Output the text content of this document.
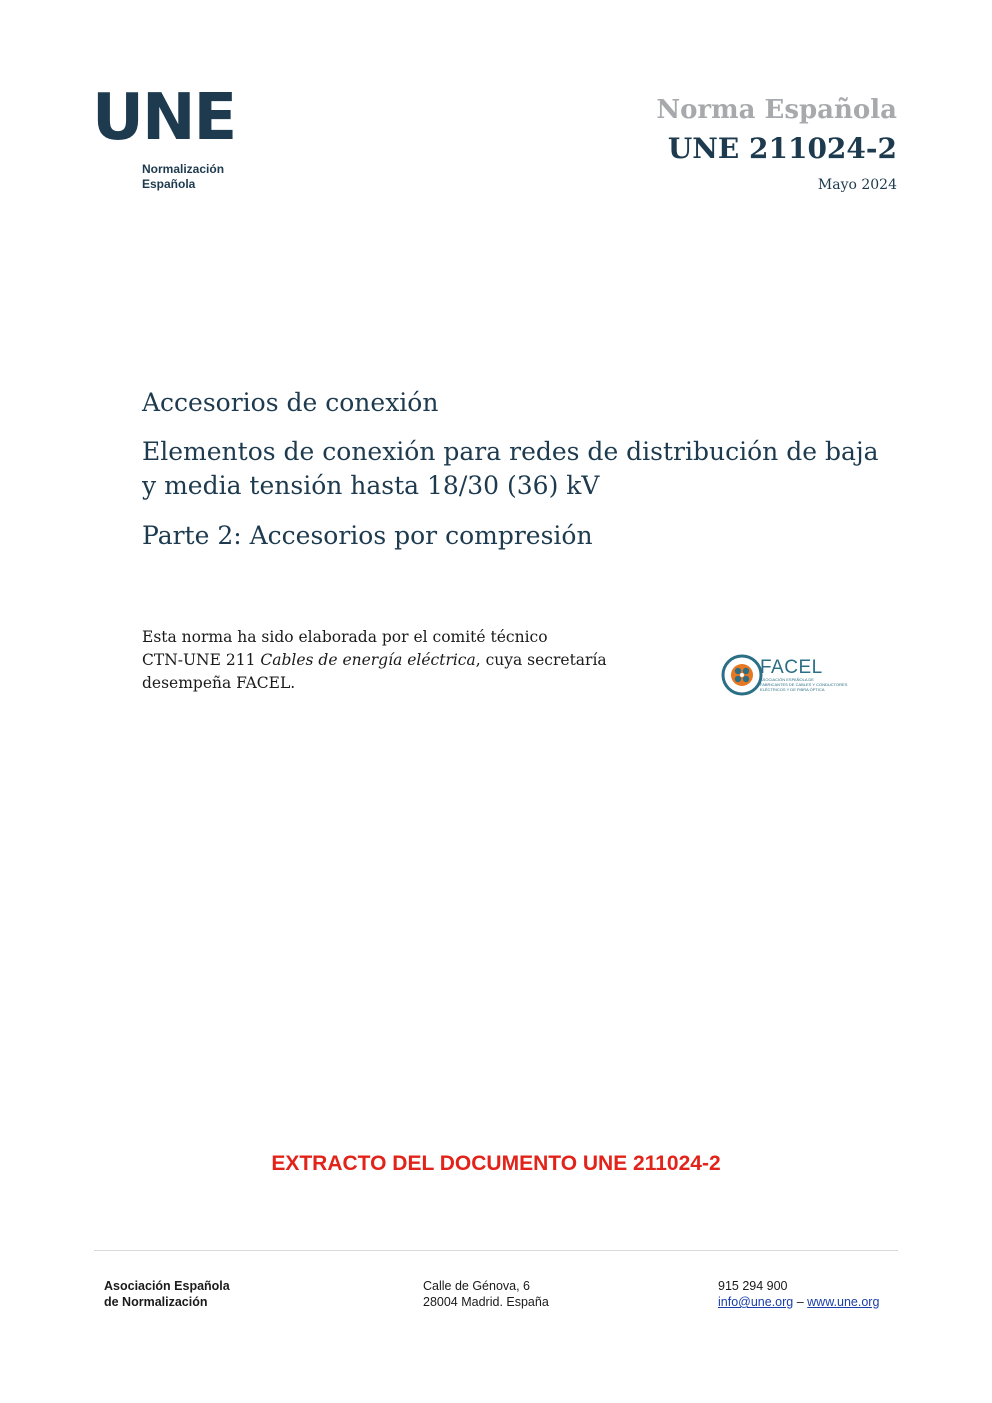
UNE
Normalización
Española
Norma Española
UNE 211024-2
Mayo 2024
Accesorios de conexión
Elementos de conexión para redes de distribución de baja
y media tensión hasta 18/30 (36) kV
Parte 2: Accesorios por compresión
Esta norma ha sido elaborada por el comité técnico
CTN-UNE 211 Cables de energía eléctrica, cuya secretaría
desempeña FACEL.
FACEL
ASOCIACIÓN ESPAÑOLA DE
FABRICANTES DE CABLES Y CONDUCTORES
ELÉCTRICOS Y DE FIBRA ÓPTICA
EXTRACTO DEL DOCUMENTO UNE 211024-2
Asociación Española
de Normalización
Calle de Génova, 6
28004 Madrid. España
915 294 900
info@une.org – www.une.org
